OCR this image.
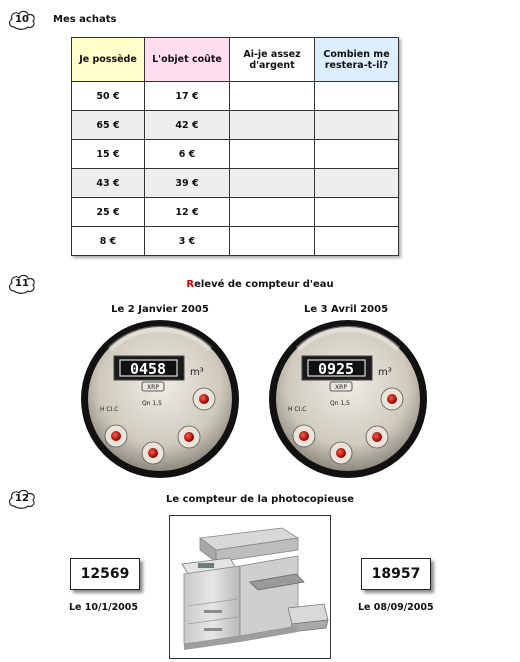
10	Mes achats
Je possède	L'objet coûte	Ai-je assez d'argent	Combien me restera-t-il?
50 €	17 €		
65 €	42 €		
15 €	6 €		
43 €	39 €		
25 €	12 €		
8 €	3 €		
11	Relevé de compteur d'eau
Le 2 Janvier 2005	Le 3 Avril 2005
0458 m³
XRP
Qn 1,5
H CI.C
0925 m³
XRP
Qn 1,5
H CI.C
12	Le compteur de la photocopieuse
12569	18957
Le 10/1/2005	Le 08/09/2005
